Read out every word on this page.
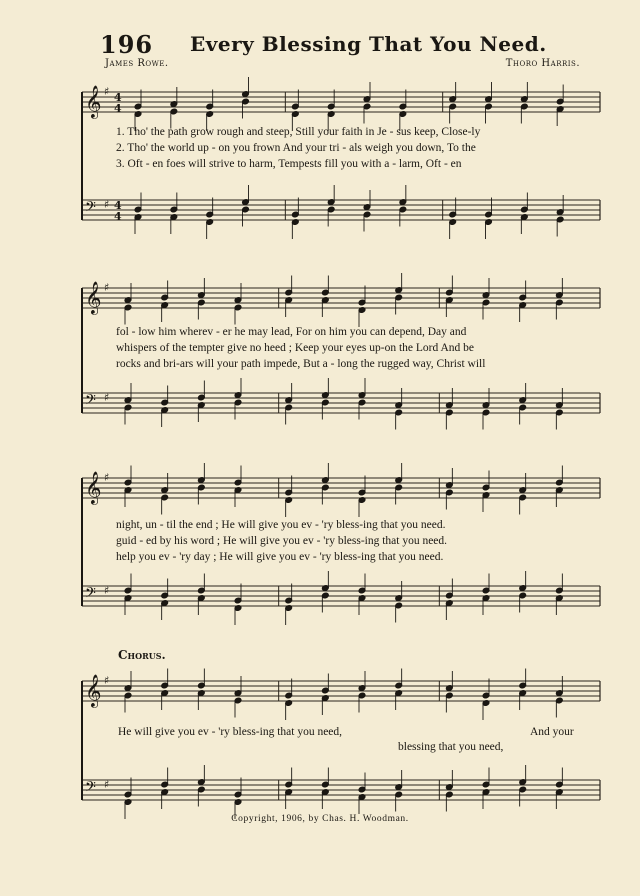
196 Every Blessing That You Need.
James Rowe.	Thoro Harris.
𝄞
𝄢
♯
♯
4
4
4
4
𝄞
𝄢
♯
♯
𝄞
𝄢
♯
♯
𝄞
𝄢
♯
♯
1. Tho' the path grow rough and steep, Still your faith in Je - sus keep, Close-ly
2. Tho' the world up - on you frown And your tri - als weigh you down, To the
3. Oft - en foes will strive to harm, Tempests fill you with a - larm, Oft - en
fol - low him wherev - er he may lead, For on him you can depend, Day and
whispers of the tempter give no heed ; Keep your eyes up-on the Lord And be
rocks and bri-ars will your path impede, But a - long the rugged way, Christ will
night, un - til the end ; He will give you ev - 'ry bless-ing that you need.
guid - ed by his word ; He will give you ev - 'ry bless-ing that you need.
help you ev - 'ry day ; He will give you ev - 'ry bless-ing that you need.
Chorus.
He will give you ev - 'ry bless-ing that you need,	And your
blessing that you need,
Copyright, 1906, by Chas. H. Woodman.
